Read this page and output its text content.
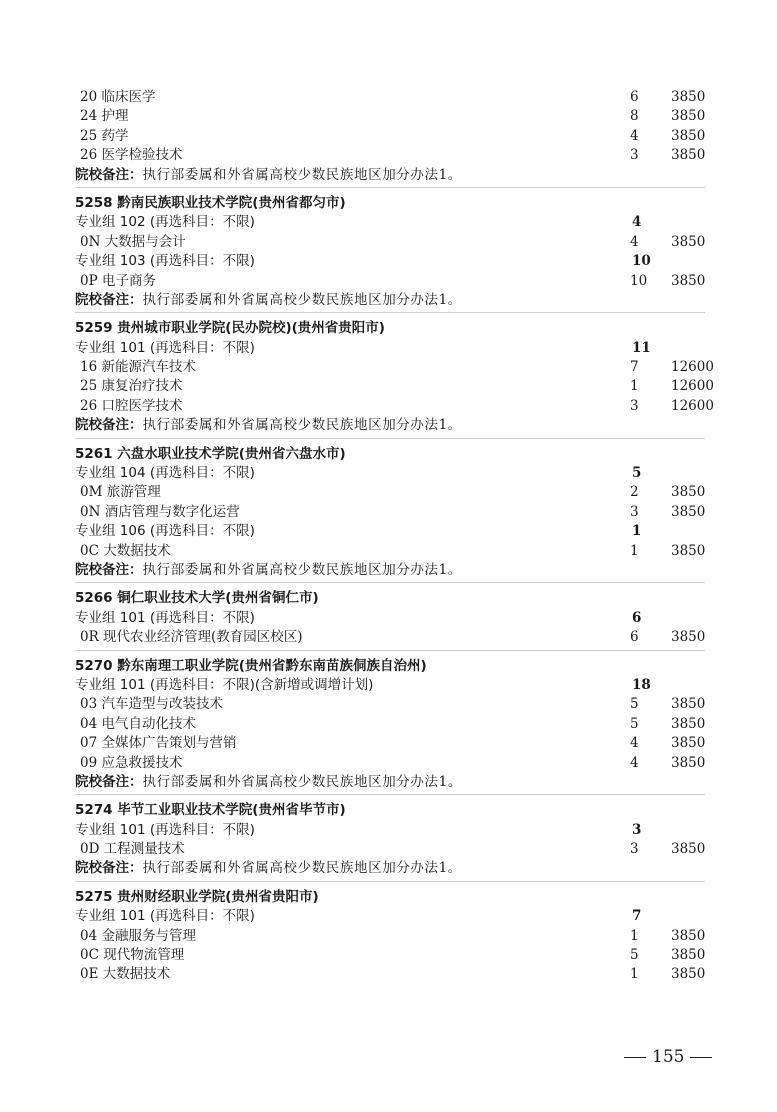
20 临床医学	6 3850
24 护理	8 3850
25 药学	4 3850
26 医学检验技术	3 3850
院校备注：执行部委属和外省属高校少数民族地区加分办法1。
5258 黔南民族职业技术学院(贵州省都匀市)
专业组 102 (再选科目：不限)	4
0N 大数据与会计	4 3850
专业组 103 (再选科目：不限)	10
0P 电子商务	10 3850
院校备注：执行部委属和外省属高校少数民族地区加分办法1。
5259 贵州城市职业学院(民办院校)(贵州省贵阳市)
专业组 101 (再选科目：不限)	11
16 新能源汽车技术	7 12600
25 康复治疗技术	1 12600
26 口腔医学技术	3 12600
院校备注：执行部委属和外省属高校少数民族地区加分办法1。
5261 六盘水职业技术学院(贵州省六盘水市)
专业组 104 (再选科目：不限)	5
0M 旅游管理	2 3850
0N 酒店管理与数字化运营	3 3850
专业组 106 (再选科目：不限)	1
0C 大数据技术	1 3850
院校备注：执行部委属和外省属高校少数民族地区加分办法1。
5266 铜仁职业技术大学(贵州省铜仁市)
专业组 101 (再选科目：不限)	6
0R 现代农业经济管理(教育园区校区)	6 3850
5270 黔东南理工职业学院(贵州省黔东南苗族侗族自治州)
专业组 101 (再选科目：不限)(含新增或调增计划)	18
03 汽车造型与改装技术	5 3850
04 电气自动化技术	5 3850
07 全媒体广告策划与营销	4 3850
09 应急救援技术	4 3850
院校备注：执行部委属和外省属高校少数民族地区加分办法1。
5274 毕节工业职业技术学院(贵州省毕节市)
专业组 101 (再选科目：不限)	3
0D 工程测量技术	3 3850
院校备注：执行部委属和外省属高校少数民族地区加分办法1。
5275 贵州财经职业学院(贵州省贵阳市)
专业组 101 (再选科目：不限)	7
04 金融服务与管理	1 3850
0C 现代物流管理	5 3850
0E 大数据技术	1 3850
155
